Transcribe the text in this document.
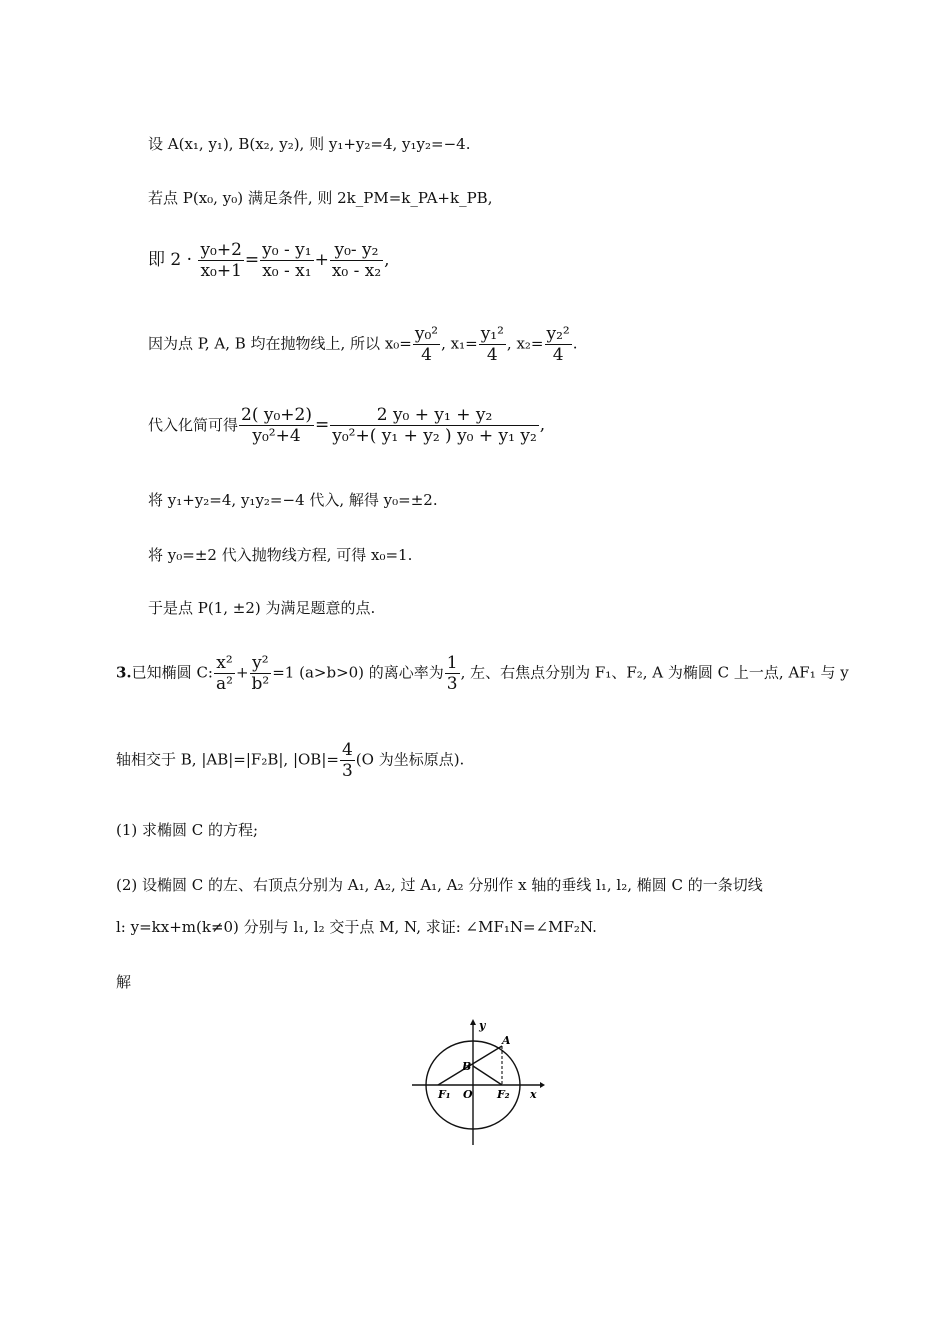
设 A(x₁, y₁), B(x₂, y₂), 则 y₁+y₂=4, y₁y₂=−4.
若点 P(x₀, y₀) 满足条件, 则 2k_PM=k_PA+k_PB,
即 $2 \cdot \frac{\text{y₀+2}}{\text{x₀+1}} = \frac{\text{y₀ - y₁}}{\text{x₀ - x₁}} + \frac{\text{y₀- y₂}}{\text{x₀ - x₂}}$ ,
因为点 P, A, B 均在抛物线上, 所以 $x_0= \frac{\text{y₀²}}{4}$ , $x_1= \frac{\text{y₁²}}{4}$ , $x_2= \frac{\text{y₂²}}{4}$ .
代入化简可得 $\frac{\text{2( y₀+2)}}{\text{y₀²+4}} = \frac{\text{2 y₀ + y₁ + y₂}}{\text{y₀²+( y₁ + y₂ ) y₀ + y₁ y₂}}$ ,
将 y₁+y₂=4, y₁y₂=−4 代入, 解得 y₀=±2.
将 y₀=±2 代入抛物线方程, 可得 x₀=1.
于是点 P(1, ±2) 为满足题意的点.
3.已知椭圆 C: $\frac{\text{x²}}{\text{a²}} + \frac{\text{y²}}{\text{b²}} =1$ (a>b>0) 的离心率为 $\frac{1}{3}$ , 左、右焦点分别为 F₁、F₂, A 为椭圆 C 上一点, AF₁ 与 y
轴相交于 B, |AB|=|F₂B|, $|OB|= \frac{4}{3} (O$ 为坐标原点).
(1) 求椭圆 C 的方程;
(2) 设椭圆 C 的左、右顶点分别为 A₁, A₂, 过 A₁, A₂ 分别作 x 轴的垂线 l₁, l₂, 椭圆 C 的一条切线
l: y=kx+m(k≠0) 分别与 l₁, l₂ 交于点 M, N, 求证: ∠MF₁N=∠MF₂N.
解
y
A
B
F₁ O F₂ x
